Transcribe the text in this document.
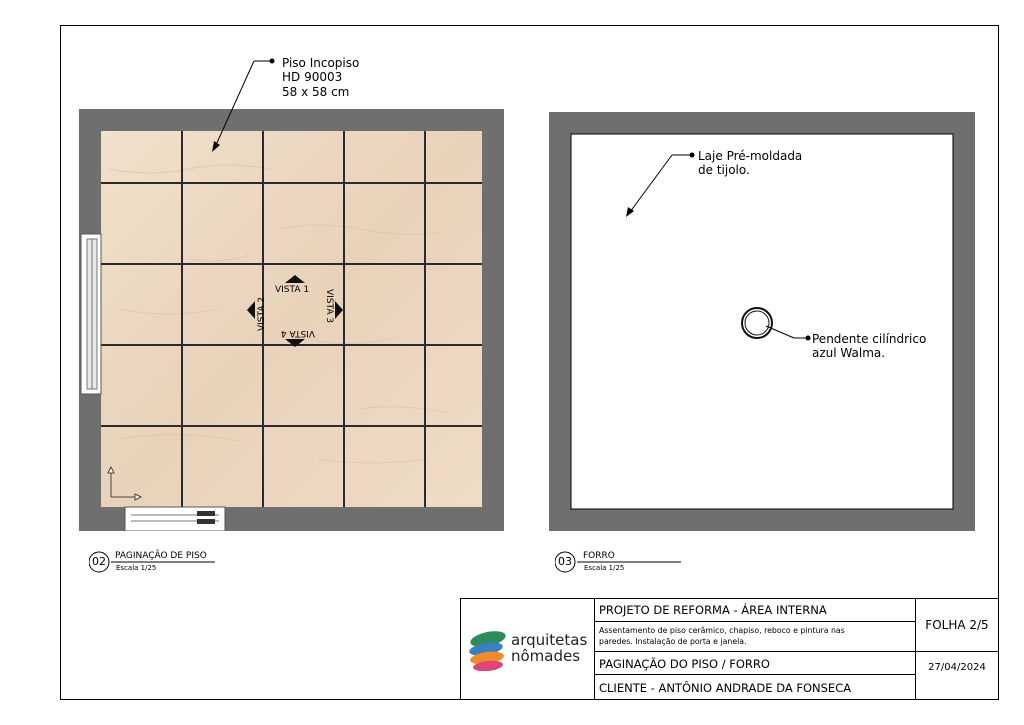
VISTA 1
VISTA 2	VISTA 3
VISTA 4
Piso Incopiso
HD 90003
58 x 58 cm
02	PAGINAÇÃO DE PISO
Escala 1/25
Laje Pré-moldada
de tijolo.
Pendente cilíndrico
azul Walma.
03	FORRO
Escala 1/25
arquitetas
nômades
PROJETO DE REFORMA - ÁREA INTERNA
Assentamento de piso cerâmico, chapiso, reboco e pintura nas
paredes. Instalação de porta e janela.
PAGINAÇÃO DO PISO / FORRO
CLIENTE - ANTÔNIO ANDRADE DA FONSECA
FOLHA 2/5
27/04/2024
